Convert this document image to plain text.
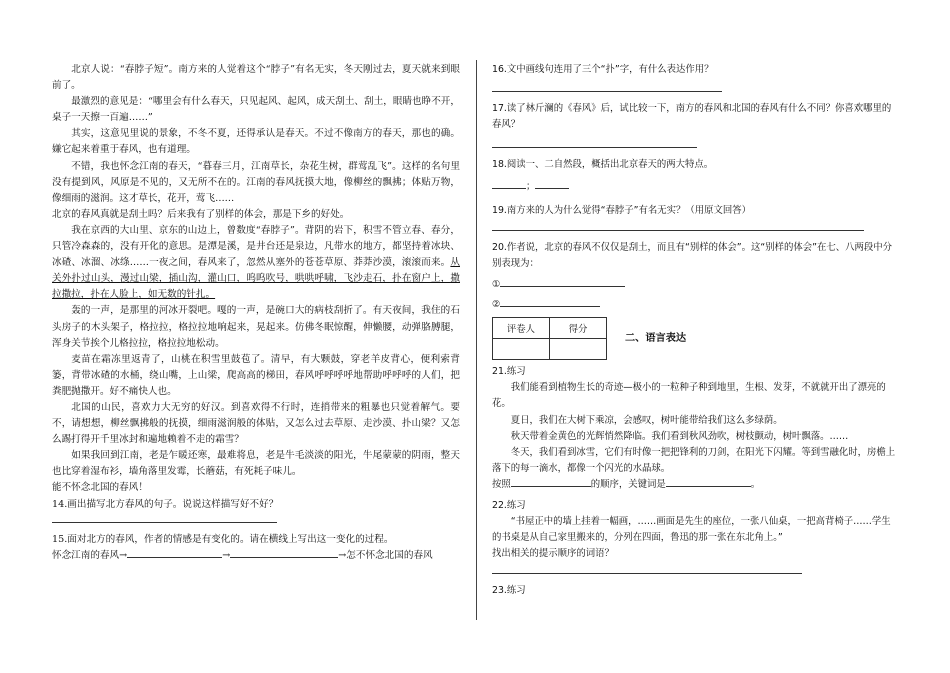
北京人说：“春脖子短”。南方来的人觉着这个“脖子”有名无实，冬天刚过去，夏天就来到眼前了。

最激烈的意见是：“哪里会有什么春天，只见起风、起风，成天刮土、刮土，眼睛也睁不开，桌子一天擦一百遍……”

其实，这意见里说的景象，不冬不夏，还得承认是春天。不过不像南方的春天，那也的确。嫌它起来着重于春风，也有道理。

不错，我也怀念江南的春天，“暮春三月，江南草长，杂花生树，群莺乱飞”。这样的名句里没有提到风，风原是不见的，又无所不在的。江南的春风抚摸大地，像柳丝的飘拂；体贴万物，像细雨的滋润。这才草长，花开，莺飞……

北京的春风真就是刮土吗？后来我有了别样的体会，那是下乡的好处。

我在京西的大山里、京东的山边上，曾数度“春脖子”。背阴的岩下，积雪不管立春、春分，只管冷森森的，没有开化的意思。是潭是溪，是井台还是泉边，凡带水的地方，都坚持着冰块、冰碴、冰溜、冰绦……一夜之间，春风来了，忽然从塞外的苍苍草原、莽莽沙漠，滚滚而来。从关外扑过山头，漫过山梁，插山沟，灌山口，呜呜吹号，哄哄呼啸，飞沙走石，扑在窗户上，撒拉撒拉，扑在人脸上，如无数的针扎。

轰的一声，是那里的河冰开裂吧。嘎的一声，是碗口大的病枝刮折了。有天夜间，我住的石头房子的木头架子，格拉拉，格拉拉地响起来，晃起来。仿佛冬眠惊醒，伸懒腰，动弹胳膊腿，浑身关节挨个儿格拉拉，格拉拉地松动。

麦苗在霜冻里返青了，山桃在积雪里鼓苞了。清早，有大颗鼓，穿老羊皮背心，便利索背篓，背带冰碴的水桶，绕山嘴，上山梁，爬高高的梯田，春风呼呼呼呼地帮助呼呼呼的人们，把粪肥抛撒开。好不痛快人也。

北国的山民，喜欢力大无穷的好汉。到喜欢得不行时，连捎带来的粗暴也只觉着解气。要不，请想想，柳丝飘拂般的抚摸，细雨滋润般的体贴，又怎么过去草原、走沙漠、扑山梁？又怎么踢打得开千里冰封和遍地赖着不走的霜雪？

如果我回到江南，老是乍暖还寒，最难将息，老是牛毛淡淡的阳光，牛尾蒙蒙的阴雨，整天也比穿着湿布衫，墙角落里发霉，长蘑菇，有死耗子味儿。

能不怀念北国的春风！

14.画出描写北方春风的句子。说说这样描写好不好？

15.面对北方的春风，作者的情感是有变化的。请在横线上写出这一变化的过程。

怀念江南的春风→	→	→怎不怀念北国的春风

16.文中画线句连用了三个“扑”字，有什么表达作用？

17.读了林斤澜的《春风》后，试比较一下，南方的春风和北国的春风有什么不同？你喜欢哪里的春风？

18.阅读一、二自然段，概括出北京春天的两大特点。

；

19.南方来的人为什么觉得“春脖子”有名无实？（用原文回答）

20.作者说，北京的春风不仅仅是刮土，而且有“别样的体会”。这“别样的体会”在七、八两段中分别表现为：

①

②

评卷人	得分

二、语言表达

21.练习

我们能看到植物生长的奇迹—极小的一粒种子种到地里，生根、发芽，不就就开出了漂亮的花。

夏日，我们在大树下乘凉，会感叹，树叶能带给我们这么多绿荫。

秋天带着金黄色的光辉悄然降临。我们看到秋风劲吹，树枝颤动，树叶飘落。……

冬天，我们看到冰雪，它们有时像一把把锋利的刀剑，在阳光下闪耀。等到雪融化时，房檐上落下的每一滴水，都像一个闪光的水晶球。

按照	的顺序，关键词是	。

22.练习

“书屋正中的墙上挂着一幅画，……画面是先生的座位，一张八仙桌，一把高背椅子……学生的书桌是从自己家里搬来的，分列在四面，鲁迅的那一张在东北角上。”

找出相关的提示顺序的词语？

23.练习
